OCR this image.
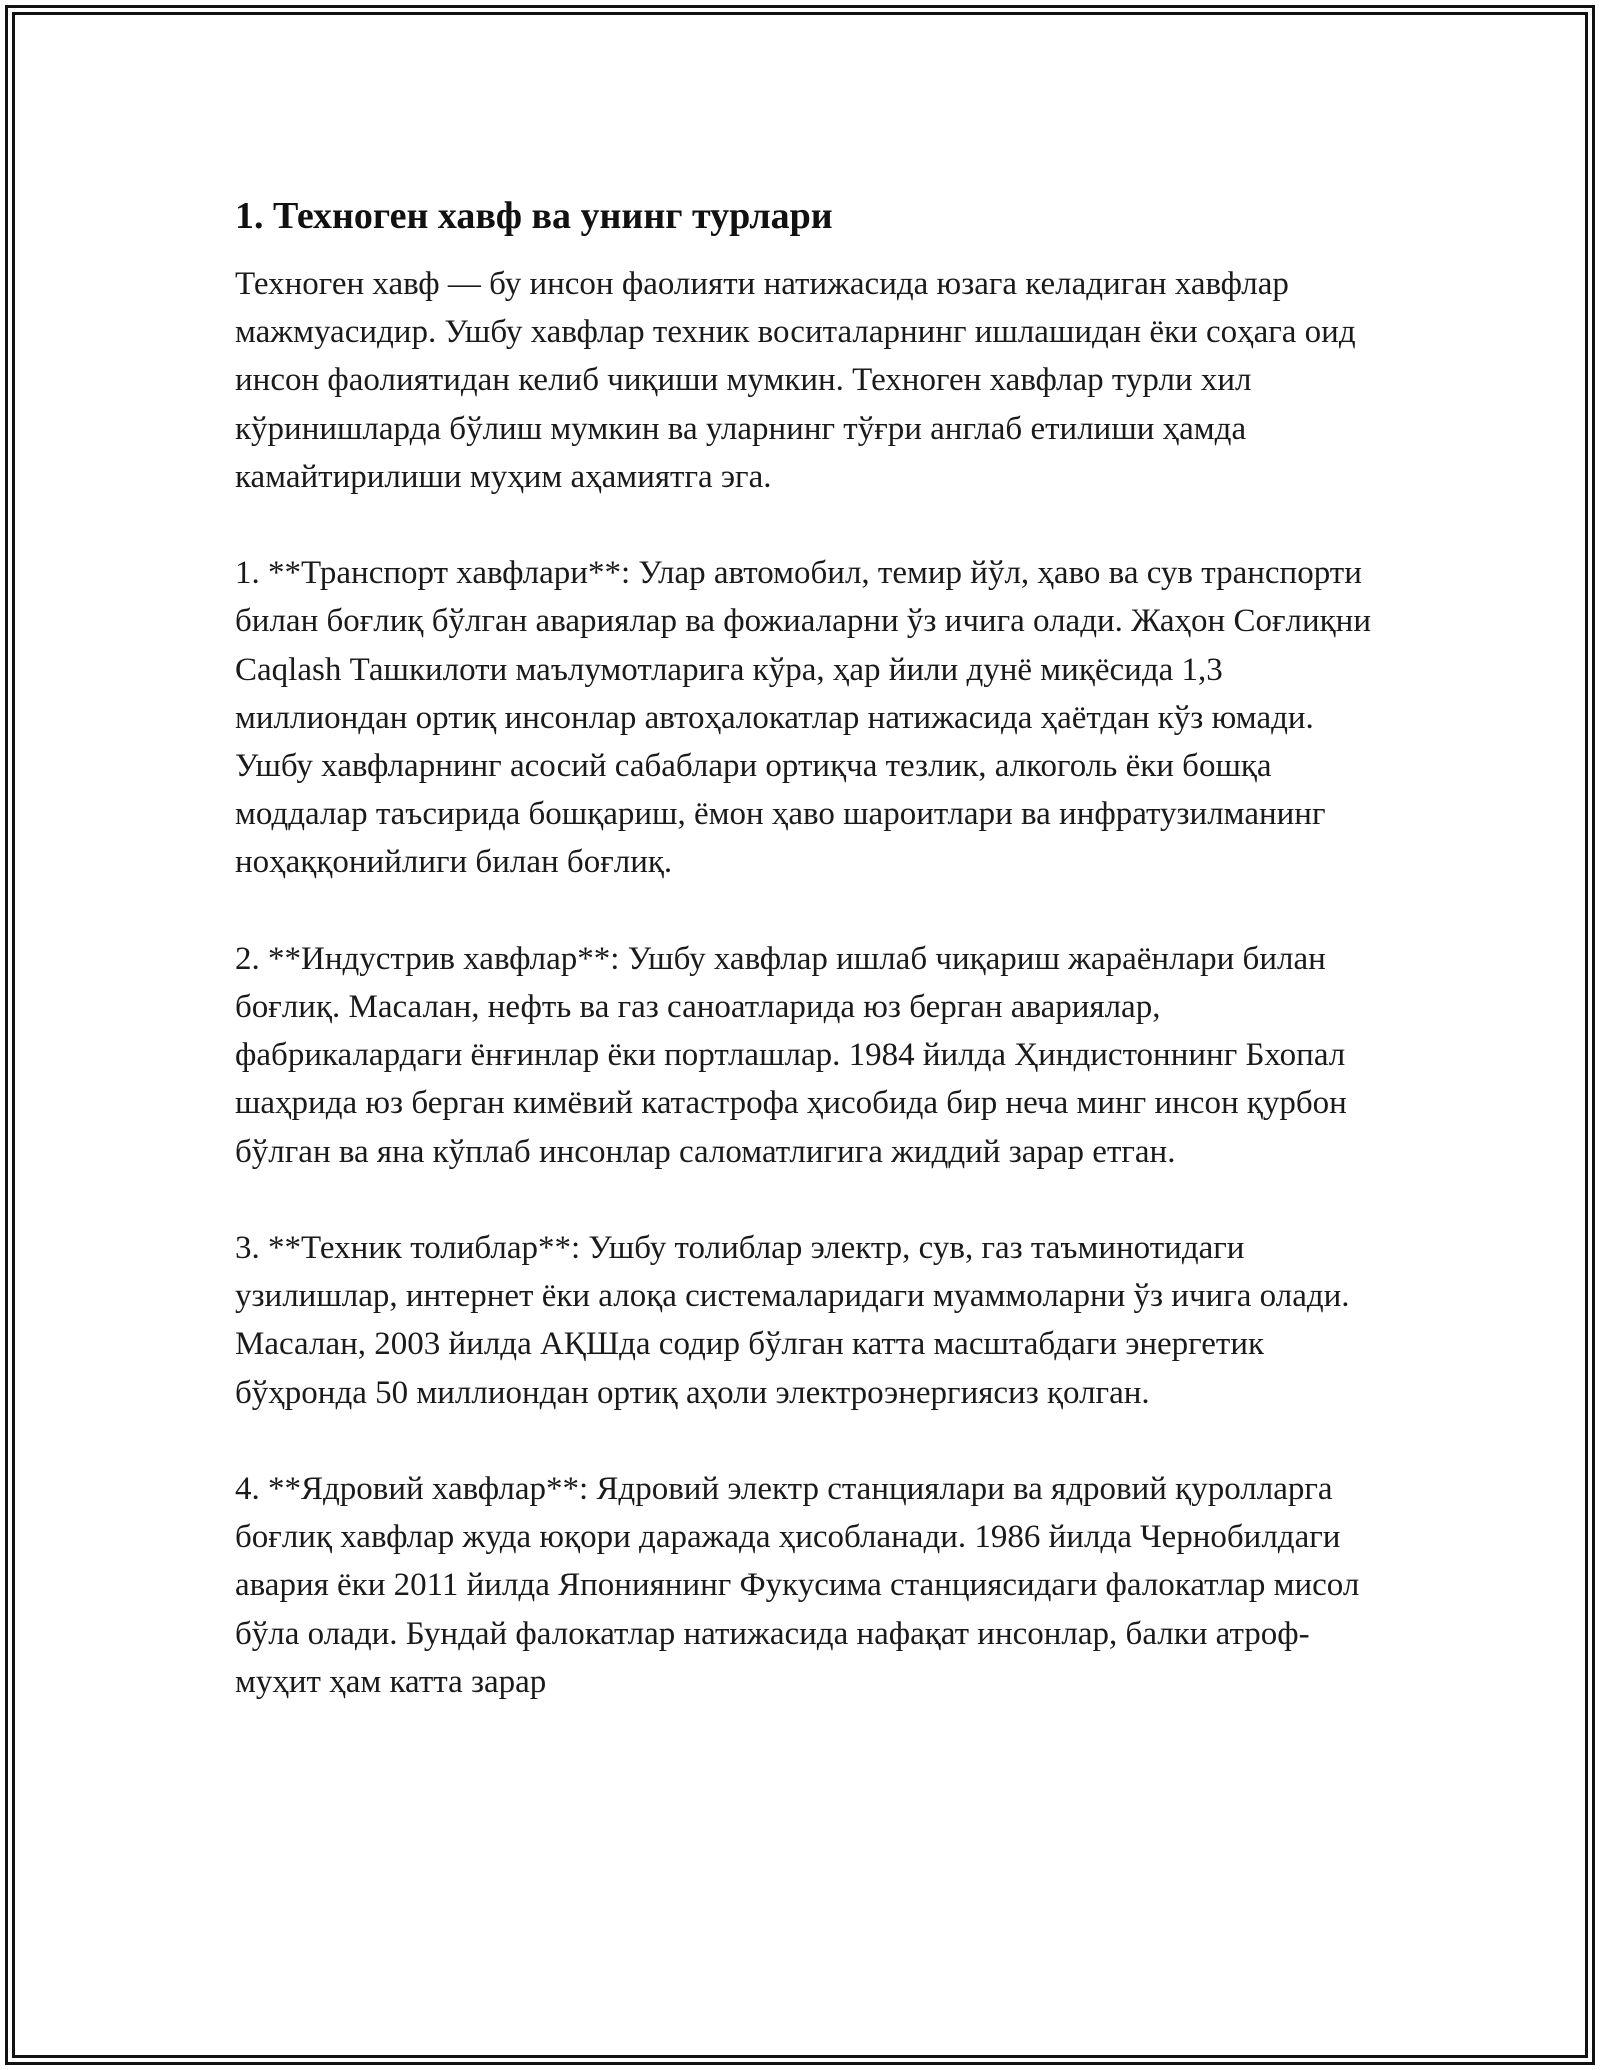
1. Техноген хавф ва унинг турлари

Техноген хавф — бу инсон фаолияти натижасида юзага келадиган хавфлар мажмуасидир. Ушбу хавфлар техник воситаларнинг ишлашидан ёки соҳага оид инсон фаолиятидан келиб чиқиши мумкин. Техноген хавфлар турли хил кўринишларда бўлиш мумкин ва уларнинг тўғри англаб етилиши ҳамда камайтирилиши муҳим аҳамиятга эга.

1. **Транспорт хавфлари**: Улар автомобил, темир йўл, ҳаво ва сув транспорти билан боғлиқ бўлган авариялар ва фожиаларни ўз ичига олади. Жаҳон Соғлиқни Caqlash Ташкилоти маълумотларига кўра, ҳар йили дунё миқёсида 1,3 миллиондан ортиқ инсонлар автоҳалокатлар натижасида ҳаётдан кўз юмади. Ушбу хавфларнинг асосий сабаблари ортиқча тезлик, алкоголь ёки бошқа моддалар таъсирида бошқариш, ёмон ҳаво шароитлари ва инфратузилманинг ноҳаққонийлиги билан боғлиқ.

2. **Индустрив хавфлар**: Ушбу хавфлар ишлаб чиқариш жараёнлари билан боғлиқ. Масалан, нефть ва газ саноатларида юз берган авариялар, фабрикалардаги ёнғинлар ёки портлашлар. 1984 йилда Ҳиндистоннинг Бхопал шаҳрида юз берган кимёвий катастрофа ҳисобида бир неча минг инсон қурбон бўлган ва яна кўплаб инсонлар саломатлигига жиддий зарар етган.

3. **Техник толиблар**: Ушбу толиблар электр, сув, газ таъминотидаги узилишлар, интернет ёки алоқа системаларидаги муаммоларни ўз ичига олади. Масалан, 2003 йилда АҚШда содир бўлган катта масштабдаги энергетик бўҳронда 50 миллиондан ортиқ аҳоли электроэнергиясиз қолган.

4. **Ядровий хавфлар**: Ядровий электр станциялари ва ядровий қуролларга боғлиқ хавфлар жуда юқори даражада ҳисобланади. 1986 йилда Чернобилдаги авария ёки 2011 йилда Япониянинг Фукусима станциясидаги фалокатлар мисол бўла олади. Бундай фалокатлар натижасида нафақат инсонлар, балки атроф-муҳит ҳам катта зарар
